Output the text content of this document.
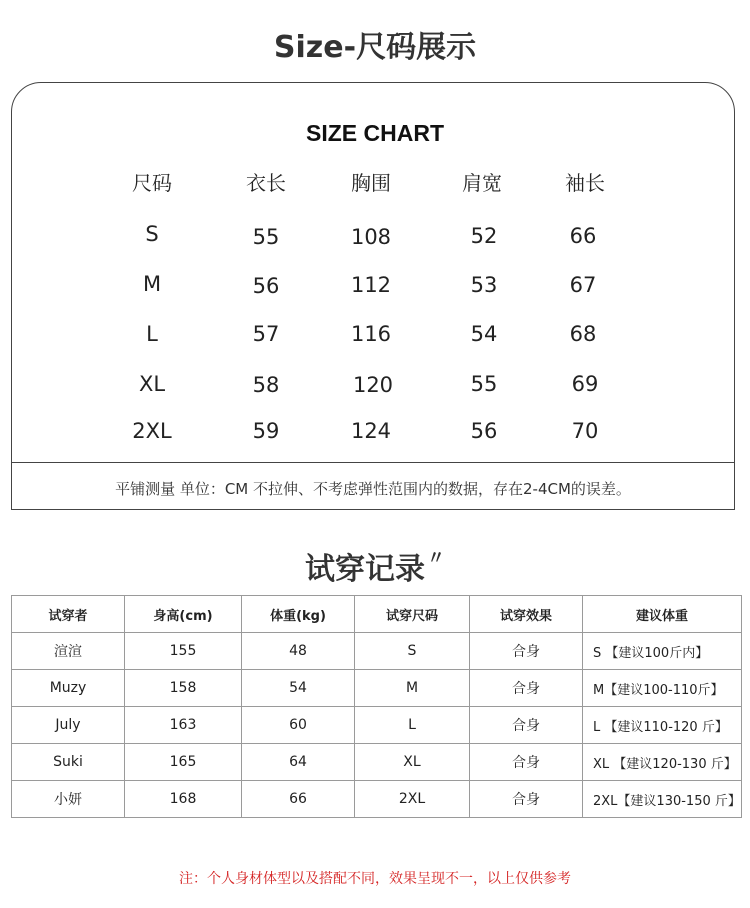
Size-尺码展示
SIZE CHART
尺码	衣长	胸围	肩宽	袖长
S	55	108	52	66
M	56	112	53	67
L	57	116	54	68
XL	58	120	55	69
2XL	59	124	56	70
平铺测量 单位：CM 不拉伸、不考虑弹性范围内的数据，存在2-4CM的误差。
试穿记录 〃
试穿者	身高(cm)	体重(kg)	试穿尺码	试穿效果	建议体重
渲渲	155	48	S	合身	S 【建议100斤内】
Muzy	158	54	M	合身	M【建议100-110斤】
July	163	60	L	合身	L 【建议110-120 斤】
Suki	165	64	XL	合身	XL 【建议120-130 斤】
小妍	168	66	2XL	合身	2XL【建议130-150 斤】
注：个人身材体型以及搭配不同，效果呈现不一，以上仅供参考
